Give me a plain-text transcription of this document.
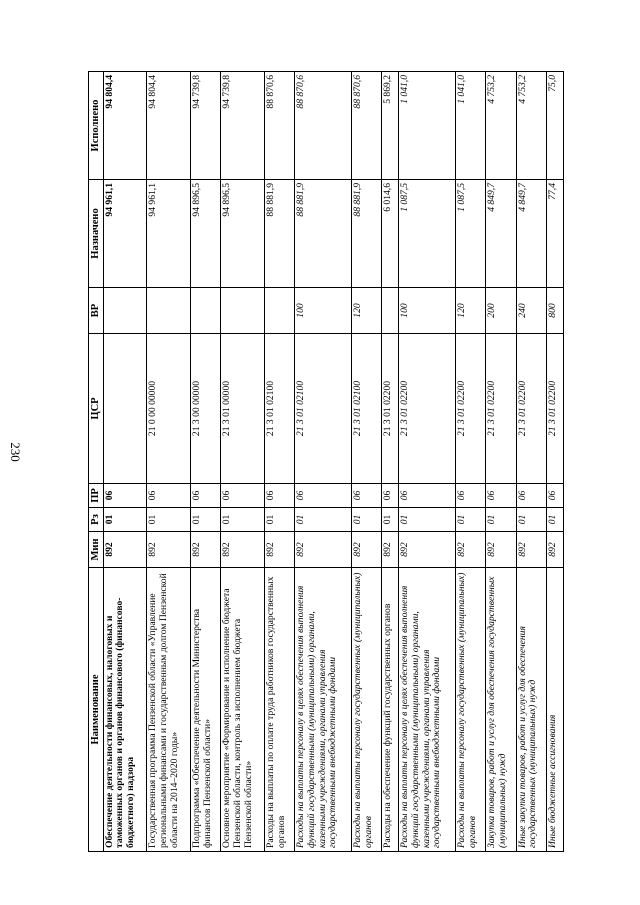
230
Наименование	Мин	Рз	ПР	ЦСР	ВР	Назначено	Исполнено
Обеспечение деятельности финансовых, налоговых и таможенных органов и органов финансового (финансово-бюджетного) надзора	892	01	06			94 961,1	94 804,4
Государственная программа Пензенской области «Управление региональными финансами и государственным долгом Пензенской области на 2014–2020 годы»	892	01	06	21 0 00 00000		94 961,1	94 804,4
Подпрограмма «Обеспечение деятельности Министерства финансов Пензенской области»	892	01	06	21 3 00 00000		94 896,5	94 739,8
Основное мероприятие «Формирование и исполнение бюджета Пензенской области, контроль за исполнением бюджета Пензенской области»	892	01	06	21 3 01 00000		94 896,5	94 739,8
Расходы на выплаты по оплате труда работников государственных органов	892	01	06	21 3 01 02100		88 881,9	88 870,6
Расходы на выплаты персоналу в целях обеспечения выполнения функций государственными (муниципальными) органами, казенными учреждениями, органами управления государственными внебюджетными фондами	892	01	06	21 3 01 02100	100	88 881,9	88 870,6
Расходы на выплаты персоналу государственных (муниципальных) органов	892	01	06	21 3 01 02100	120	88 881,9	88 870,6
Расходы на обеспечение функций государственных органов	892	01	06	21 3 01 02200		6 014,6	5 869,2
Расходы на выплаты персоналу в целях обеспечения выполнения функций государственными (муниципальными) органами, казенными учреждениями, органами управления государственными внебюджетными фондами	892	01	06	21 3 01 02200	100	1 087,5	1 041,0
Расходы на выплаты персоналу государственных (муниципальных) органов	892	01	06	21 3 01 02200	120	1 087,5	1 041,0
Закупка товаров, работ и услуг для обеспечения государственных (муниципальных) нужд	892	01	06	21 3 01 02200	200	4 849,7	4 753,2
Иные закупки товаров, работ и услуг для обеспечения государственных (муниципальных) нужд	892	01	06	21 3 01 02200	240	4 849,7	4 753,2
Иные бюджетные ассигнования	892	01	06	21 3 01 02200	800	77,4	75,0
